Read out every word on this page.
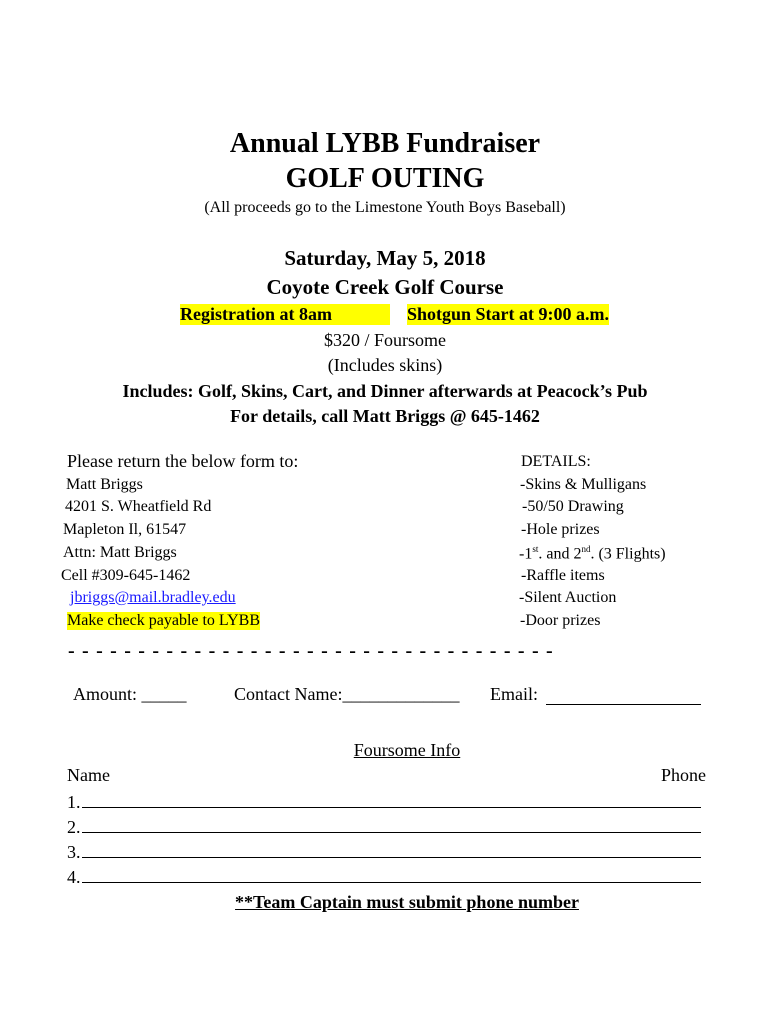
Annual LYBB Fundraiser
GOLF OUTING
(All proceeds go to the Limestone Youth Boys Baseball)
Saturday, May 5, 2018
Coyote Creek Golf Course
Registration at 8am	Shotgun Start at 9:00 a.m.
$320 / Foursome
(Includes skins)
Includes: Golf, Skins, Cart, and Dinner afterwards at Peacock’s Pub
For details, call Matt Briggs @ 645-1462
Please return the below form to:
Matt Briggs
4201 S. Wheatfield Rd
Mapleton Il, 61547
Attn: Matt Briggs
Cell #309-645-1462
jbriggs@mail.bradley.edu
Make check payable to LYBB
DETAILS:
-Skins & Mulligans
-50/50 Drawing
-Hole prizes
-1st. and 2nd. (3 Flights)
-Raffle items
-Silent Auction
-Door prizes
- - - - - - - - - - - - - - - - - - - - - - - - - - - - - - - - - - -
Amount: _____	Contact Name:_____________ Email:
Foursome Info
Name	Phone
1.
2.
3.
4.
**Team Captain must submit phone number
